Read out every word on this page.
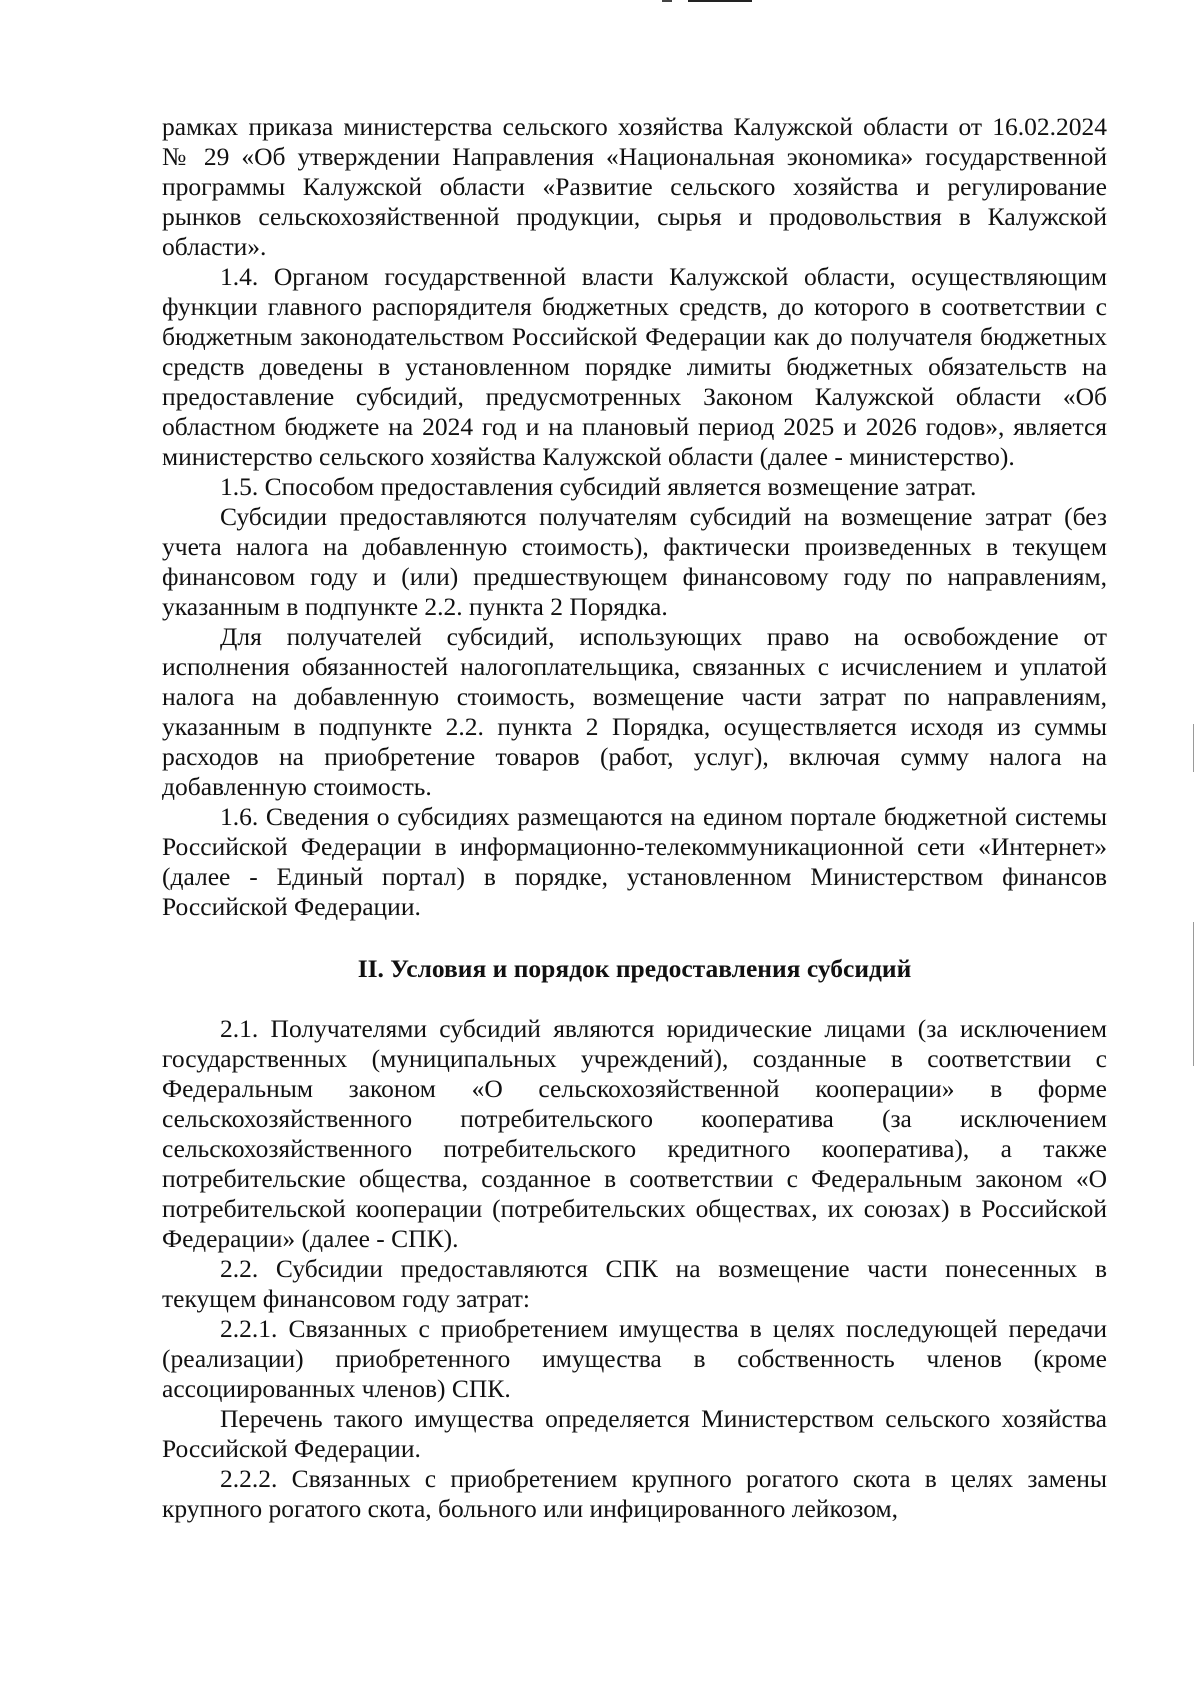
рамках приказа министерства сельского хозяйства Калужской области от 16.02.2024 № 29 «Об утверждении Направления «Национальная экономика» государственной программы Калужской области «Развитие сельского хозяйства и регулирование рынков сельскохозяйственной продукции, сырья и продовольствия в Калужской области».

1.4. Органом государственной власти Калужской области, осуществляющим функции главного распорядителя бюджетных средств, до которого в соответствии с бюджетным законодательством Российской Федерации как до получателя бюджетных средств доведены в установленном порядке лимиты бюджетных обязательств на предоставление субсидий, предусмотренных Законом Калужской области «Об областном бюджете на 2024 год и на плановый период 2025 и 2026 годов», является министерство сельского хозяйства Калужской области (далее - министерство).

1.5. Способом предоставления субсидий является возмещение затрат.

Субсидии предоставляются получателям субсидий на возмещение затрат (без учета налога на добавленную стоимость), фактически произведенных в текущем финансовом году и (или) предшествующем финансовому году по направлениям, указанным в подпункте 2.2. пункта 2 Порядка.

Для получателей субсидий, использующих право на освобождение от исполнения обязанностей налогоплательщика, связанных с исчислением и уплатой налога на добавленную стоимость, возмещение части затрат по направлениям, указанным в подпункте 2.2. пункта 2 Порядка, осуществляется исходя из суммы расходов на приобретение товаров (работ, услуг), включая сумму налога на добавленную стоимость.

1.6. Сведения о субсидиях размещаются на едином портале бюджетной системы Российской Федерации в информационно-телекоммуникационной сети «Интернет» (далее - Единый портал) в порядке, установленном Министерством финансов Российской Федерации.

II. Условия и порядок предоставления субсидий

2.1. Получателями субсидий являются юридические лицами (за исключением государственных (муниципальных учреждений), созданные в соответствии с Федеральным законом «О сельскохозяйственной кооперации» в форме сельскохозяйственного потребительского кооператива (за исключением сельскохозяйственного потребительского кредитного кооператива), а также потребительские общества, созданное в соответствии с Федеральным законом «О потребительской кооперации (потребительских обществах, их союзах) в Российской Федерации» (далее - СПК).

2.2. Субсидии предоставляются СПК на возмещение части понесенных в текущем финансовом году затрат:

2.2.1. Связанных с приобретением имущества в целях последующей передачи (реализации) приобретенного имущества в собственность членов (кроме ассоциированных членов) СПК.

Перечень такого имущества определяется Министерством сельского хозяйства Российской Федерации.

2.2.2. Связанных с приобретением крупного рогатого скота в целях замены крупного рогатого скота, больного или инфицированного лейкозом,
